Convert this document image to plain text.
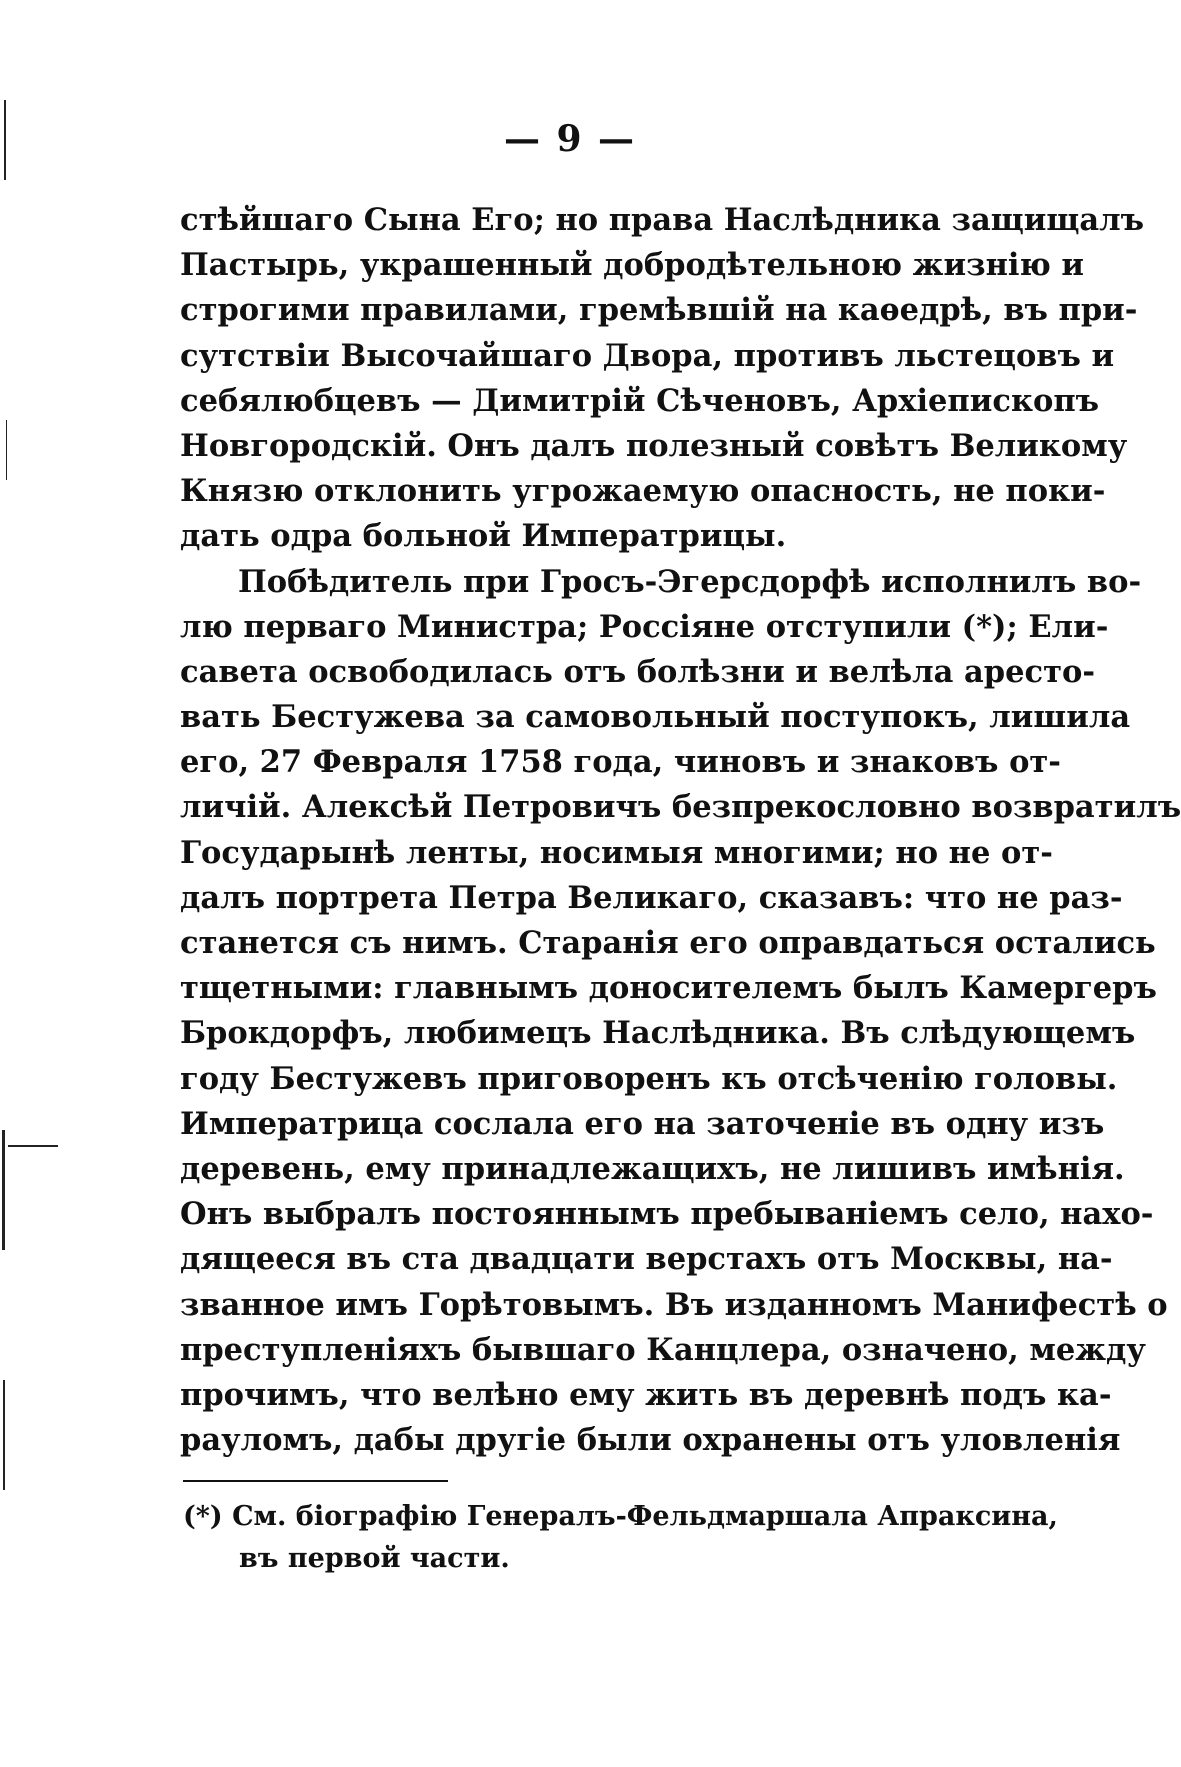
— 9 —
стѣйшаго Сына Его; но права Наслѣдника защищалъ
Пастырь, украшенный добродѣтельною жизнію и
строгими правилами, гремѣвшій на каѳедрѣ, въ при-
сутствіи Высочайшаго Двора, противъ льстецовъ и
себялюбцевъ — Димитрій Сѣченовъ, Архіепископъ
Новгородскій. Онъ далъ полезный совѣтъ Великому
Князю отклонить угрожаемую опасность, не поки-
дать одра больной Императрицы.
Побѣдитель при Гросъ-Эгерсдорфѣ исполнилъ во-
лю перваго Министра; Россіяне отступили (*); Ели-
савета освободилась отъ болѣзни и велѣла аресто-
вать Бестужева за самовольный поступокъ, лишила
его, 27 Февраля 1758 года, чиновъ и знаковъ от-
личій. Алексѣй Петровичъ безпрекословно возвратилъ
Государынѣ ленты, носимыя многими; но не от-
далъ портрета Петра Великаго, сказавъ: что не раз-
станется съ нимъ. Старанія его оправдаться остались
тщетными: главнымъ доносителемъ былъ Камергеръ
Брокдорфъ, любимецъ Наслѣдника. Въ слѣдующемъ
году Бестужевъ приговоренъ къ отсѣченію головы.
Императрица сослала его на заточеніе въ одну изъ
деревень, ему принадлежащихъ, не лишивъ имѣнія.
Онъ выбралъ постояннымъ пребываніемъ село, нахо-
дящееся въ ста двадцати верстахъ отъ Москвы, на-
званное имъ Горѣтовымъ. Въ изданномъ Манифестѣ о
преступленіяхъ бывшаго Канцлера, означено, между
прочимъ, что велѣно ему жить въ деревнѣ подъ ка-
рауломъ, дабы другіе были охранены отъ уловленія
(*) См. біографію Генералъ-Фельдмаршала Апраксина,
въ первой части.
